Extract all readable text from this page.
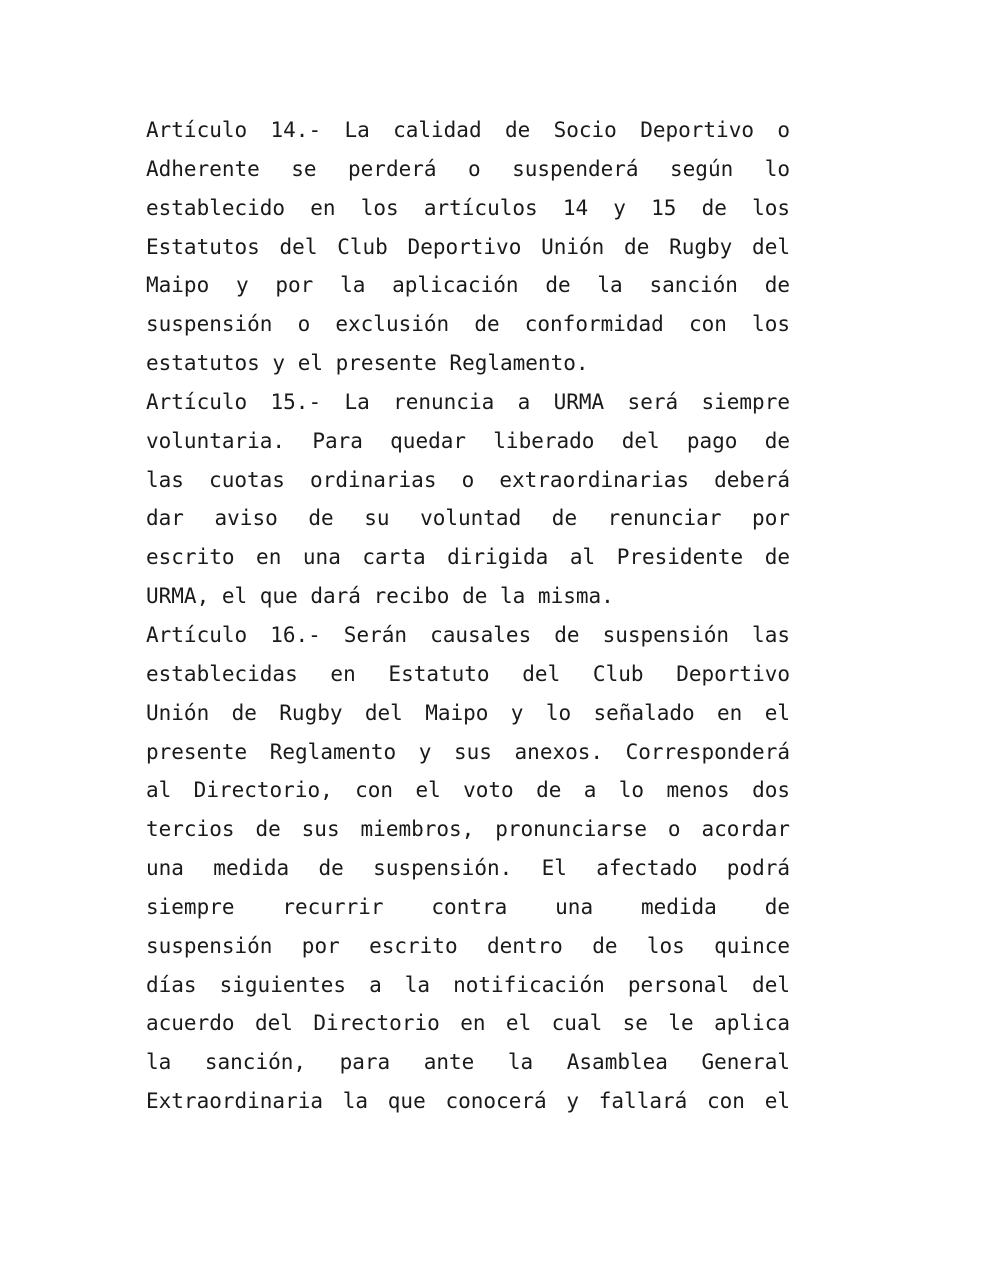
Artículo 14.- La calidad de Socio Deportivo o
Adherente se perderá o suspenderá según lo
establecido en los artículos 14 y 15 de los
Estatutos del Club Deportivo Unión de Rugby del
Maipo y por la aplicación de la sanción de
suspensión o exclusión de conformidad con los
estatutos y el presente Reglamento.
Artículo 15.- La renuncia a URMA será siempre
voluntaria. Para quedar liberado del pago de
las cuotas ordinarias o extraordinarias deberá
dar aviso de su voluntad de renunciar por
escrito en una carta dirigida al Presidente de
URMA, el que dará recibo de la misma.
Artículo 16.- Serán causales de suspensión las
establecidas en Estatuto del Club Deportivo
Unión de Rugby del Maipo y lo señalado en el
presente Reglamento y sus anexos. Corresponderá
al Directorio, con el voto de a lo menos dos
tercios de sus miembros, pronunciarse o acordar
una medida de suspensión. El afectado podrá
siempre recurrir contra una medida de
suspensión por escrito dentro de los quince
días siguientes a la notificación personal del
acuerdo del Directorio en el cual se le aplica
la sanción, para ante la Asamblea General
Extraordinaria la que conocerá y fallará con el
